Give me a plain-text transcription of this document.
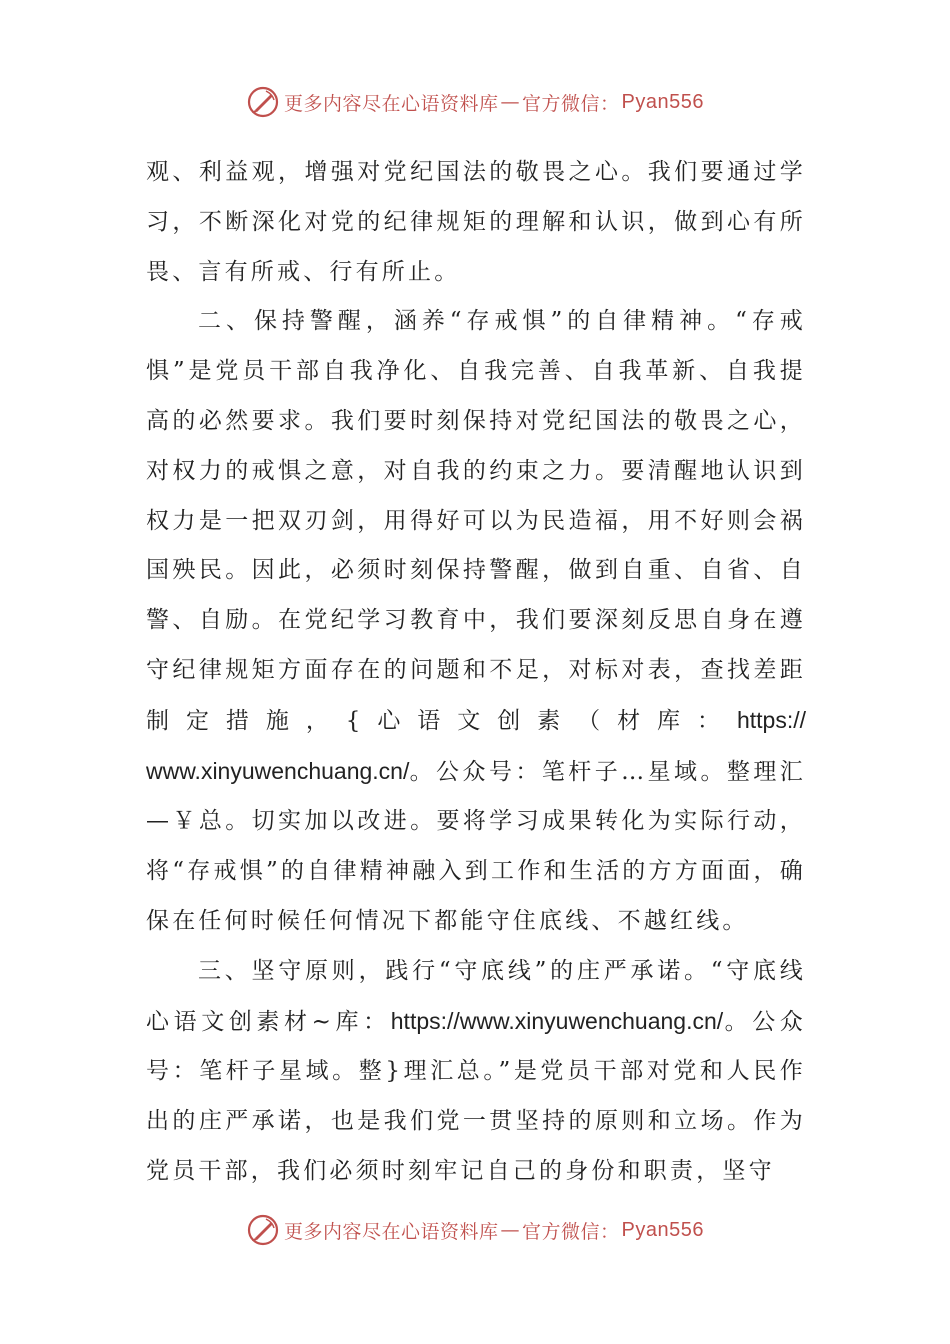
更多内容尽在心语资料库 — 官方微信： Pyan556

观、利益观，增强对党纪国法的敬畏之心。我们要通过学习，不断深化对党的纪律规矩的理解和认识，做到心有所畏、言有所戒、行有所止。

二、保持警醒，涵养“存戒惧”的自律精神。“存戒惧”是党员干部自我净化、自我完善、自我革新、自我提高的必然要求。我们要时刻保持对党纪国法的敬畏之心，对权力的戒惧之意，对自我的约束之力。要清醒地认识到权力是一把双刃剑，用得好可以为民造福，用不好则会祸国殃民。因此，必须时刻保持警醒，做到自重、自省、自警、自励。在党纪学习教育中，我们要深刻反思自身在遵守纪律规矩方面存在的问题和不足，对标对表，查找差距制定措施，{心语文创素（材库：https:// www.xinyuwenchuang.cn/。公众号：笔杆子…星域。整理汇—￥总。切实加以改进。要将学习成果转化为实际行动，将“存戒惧”的自律精神融入到工作和生活的方方面面，确保在任何时候任何情况下都能守住底线、不越红线。

三、坚守原则，践行“守底线”的庄严承诺。“守底线心语文创素材~库：https://www.xinyuwenchuang.cn/。公众号：笔杆子星域。整}理汇总。”是党员干部对党和人民作出的庄严承诺，也是我们党一贯坚持的原则和立场。作为党员干部，我们必须时刻牢记自己的身份和职责，坚守

更多内容尽在心语资料库 — 官方微信： Pyan556
